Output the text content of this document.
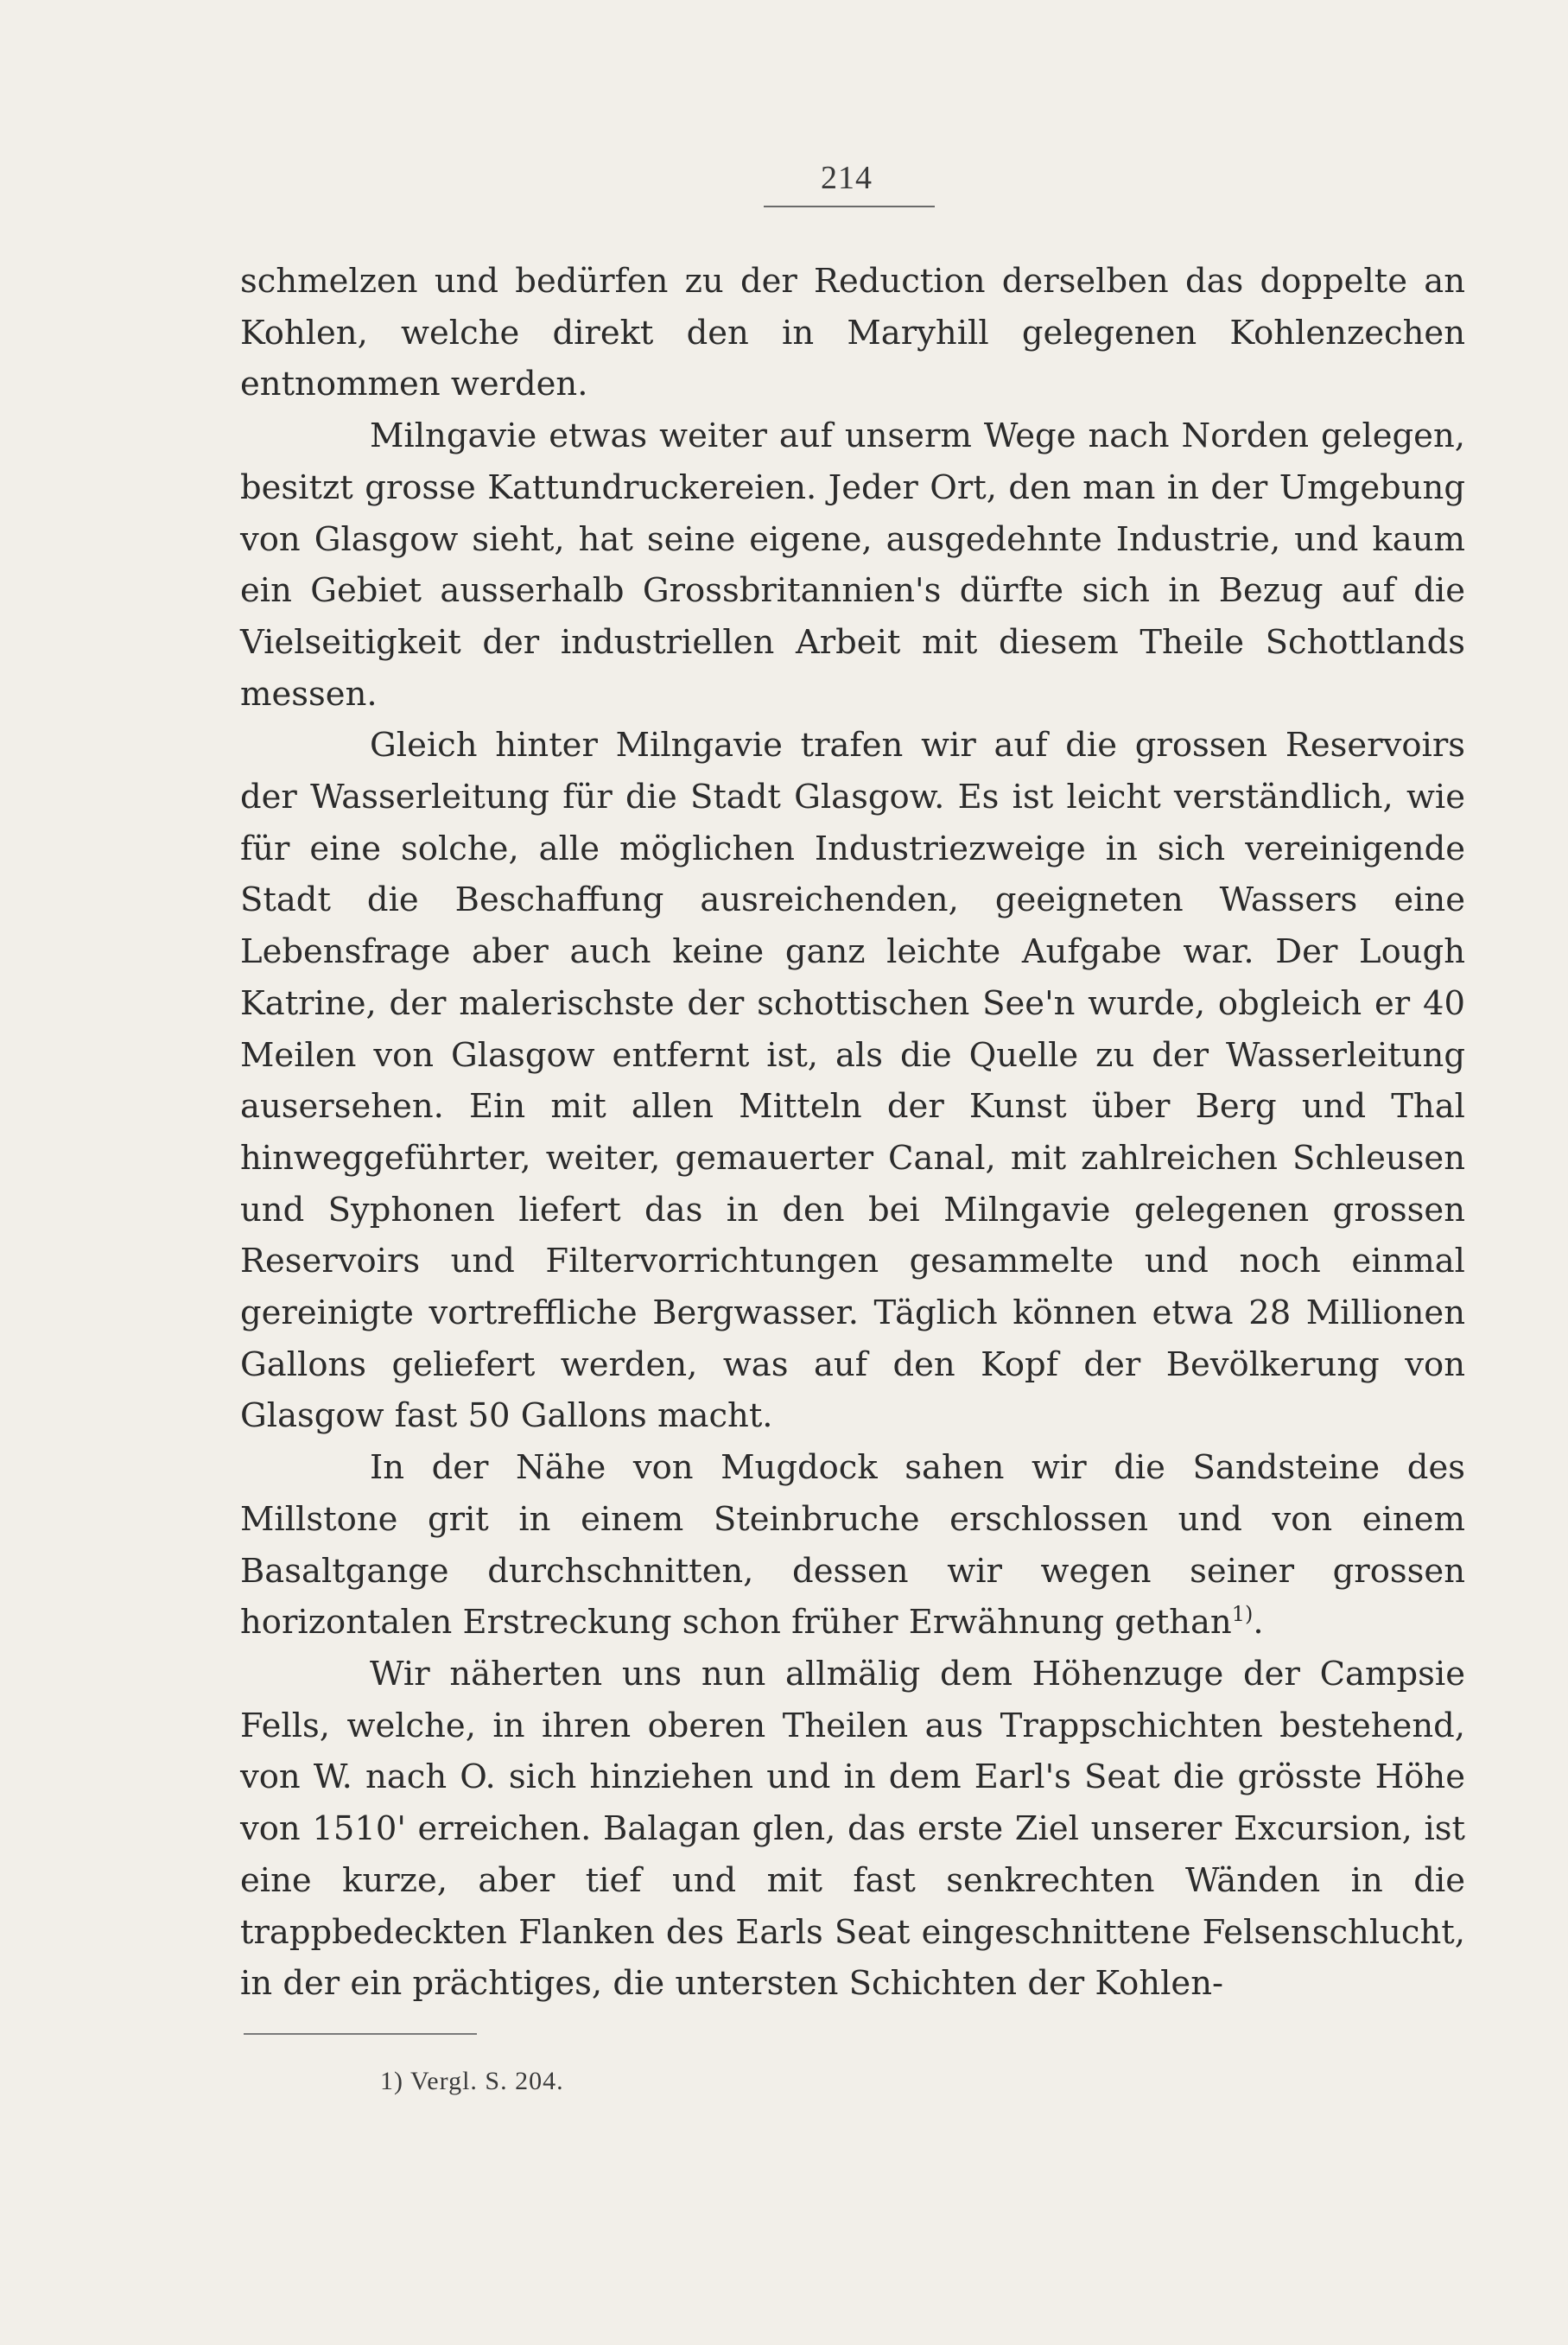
214

schmelzen und bedürfen zu der Reduction derselben das doppelte an Kohlen, welche direkt den in Maryhill gelegenen Kohlenzechen entnommen werden.

Milngavie etwas weiter auf unserm Wege nach Norden gelegen, besitzt grosse Kattundruckereien. Jeder Ort, den man in der Umgebung von Glasgow sieht, hat seine eigene, ausgedehnte Industrie, und kaum ein Gebiet ausserhalb Grossbritannien's dürfte sich in Bezug auf die Vielseitigkeit der industriellen Arbeit mit diesem Theile Schottlands messen.

Gleich hinter Milngavie trafen wir auf die grossen Reservoirs der Wasserleitung für die Stadt Glasgow. Es ist leicht verständlich, wie für eine solche, alle möglichen Industriezweige in sich vereinigende Stadt die Beschaffung ausreichenden, geeigneten Wassers eine Lebensfrage aber auch keine ganz leichte Aufgabe war. Der Lough Katrine, der malerischste der schottischen See'n wurde, obgleich er 40 Meilen von Glasgow entfernt ist, als die Quelle zu der Wasserleitung ausersehen. Ein mit allen Mitteln der Kunst über Berg und Thal hinweggeführter, weiter, gemauerter Canal, mit zahlreichen Schleusen und Syphonen liefert das in den bei Milngavie gelegenen grossen Reservoirs und Filtervorrichtungen gesammelte und noch einmal gereinigte vortreffliche Bergwasser. Täglich können etwa 28 Millionen Gallons geliefert werden, was auf den Kopf der Bevölkerung von Glasgow fast 50 Gallons macht.

In der Nähe von Mugdock sahen wir die Sandsteine des Millstone grit in einem Steinbruche erschlossen und von einem Basaltgange durchschnitten, dessen wir wegen seiner grossen horizontalen Erstreckung schon früher Erwähnung gethan$^{1)}$.

Wir näherten uns nun allmälig dem Höhenzuge der Campsie Fells, welche, in ihren oberen Theilen aus Trappschichten bestehend, von W. nach O. sich hinziehen und in dem Earl's Seat die grösste Höhe von 1510' erreichen. Balagan glen, das erste Ziel unserer Excursion, ist eine kurze, aber tief und mit fast senkrechten Wänden in die trappbedeckten Flanken des Earls Seat eingeschnittene Felsenschlucht, in der ein prächtiges, die untersten Schichten der Kohlen-

1) Vergl. S. 204.
